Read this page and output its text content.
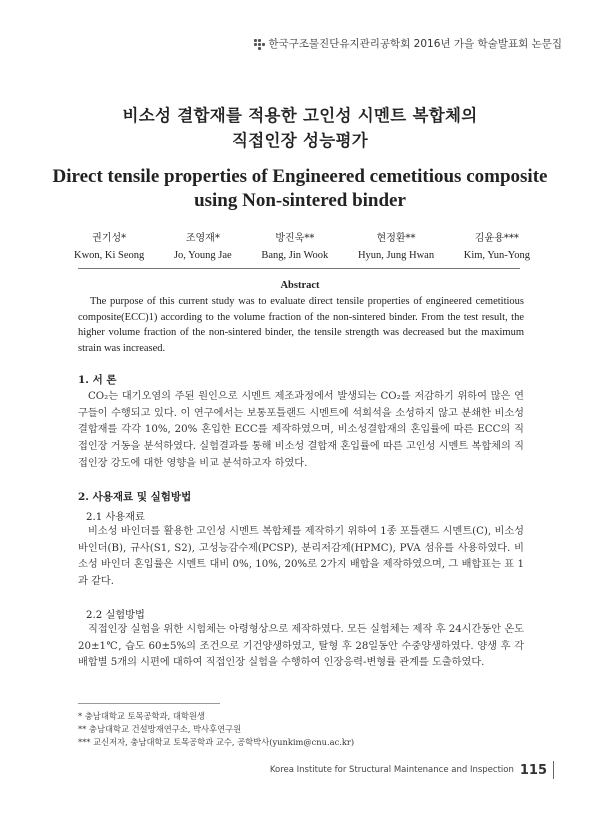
한국구조물진단유지관리공학회 2016년 가을 학술발표회 논문집
비소성 결합재를 적용한 고인성 시멘트 복합체의
직접인장 성능평가
Direct tensile properties of Engineered cemetitious composite
using Non-sintered binder
권기성*
Kwon, Ki Seong
조영재*
Jo, Young Jae
방진욱**
Bang, Jin Wook
현정환**
Hyun, Jung Hwan
김윤용***
Kim, Yun-Yong
Abstract
The purpose of this current study was to evaluate direct tensile properties of engineered cemetitious composite(ECC)1) according to the volume fraction of the non-sintered binder. From the test result, the higher volume fraction of the non-sintered binder, the tensile strength was decreased but the maximum strain was increased.
1. 서 론
CO₂는 대기오염의 주된 원인으로 시멘트 제조과정에서 발생되는 CO₂를 저감하기 위하여 많은 연구들이 수행되고 있다. 이 연구에서는 보통포틀랜드 시멘트에 석회석을 소성하지 않고 분쇄한 비소성 결합재를 각각 10%, 20% 혼입한 ECC를 제작하였으며, 비소성결합재의 혼입률에 따른 ECC의 직접인장 거동을 분석하였다. 실험결과를 통해 비소성 결합재 혼입률에 따른 고인성 시멘트 복합체의 직접인장 강도에 대한 영향을 비교 분석하고자 하였다.
2. 사용재료 및 실험방법
2.1 사용재료
비소성 바인더를 활용한 고인성 시멘트 복합체를 제작하기 위하여 1종 포틀랜드 시멘트(C), 비소성 바인더(B), 규사(S1, S2), 고성능감수제(PCSP), 분리저감제(HPMC), PVA 섬유를 사용하였다. 비소성 바인더 혼입률은 시멘트 대비 0%, 10%, 20%로 2가지 배합을 제작하였으며, 그 배합표는 표 1과 같다.
2.2 실험방법
직접인장 실험을 위한 시험체는 아령형상으로 제작하였다. 모든 실험체는 제작 후 24시간동안 온도 20±1℃, 습도 60±5%의 조건으로 기건양생하였고, 탈형 후 28일동안 수중양생하였다. 양생 후 각 배합별 5개의 시편에 대하여 직접인장 실험을 수행하여 인장응력-변형률 관계를 도출하였다.
* 충남대학교 토목공학과, 대학원생
** 충남대학교 건설방재연구소, 박사후연구원
*** 교신저자, 충남대학교 토목공학과 교수, 공학박사(yunkim@cnu.ac.kr)
Korea Institute for Structural Maintenance and Inspection 115
